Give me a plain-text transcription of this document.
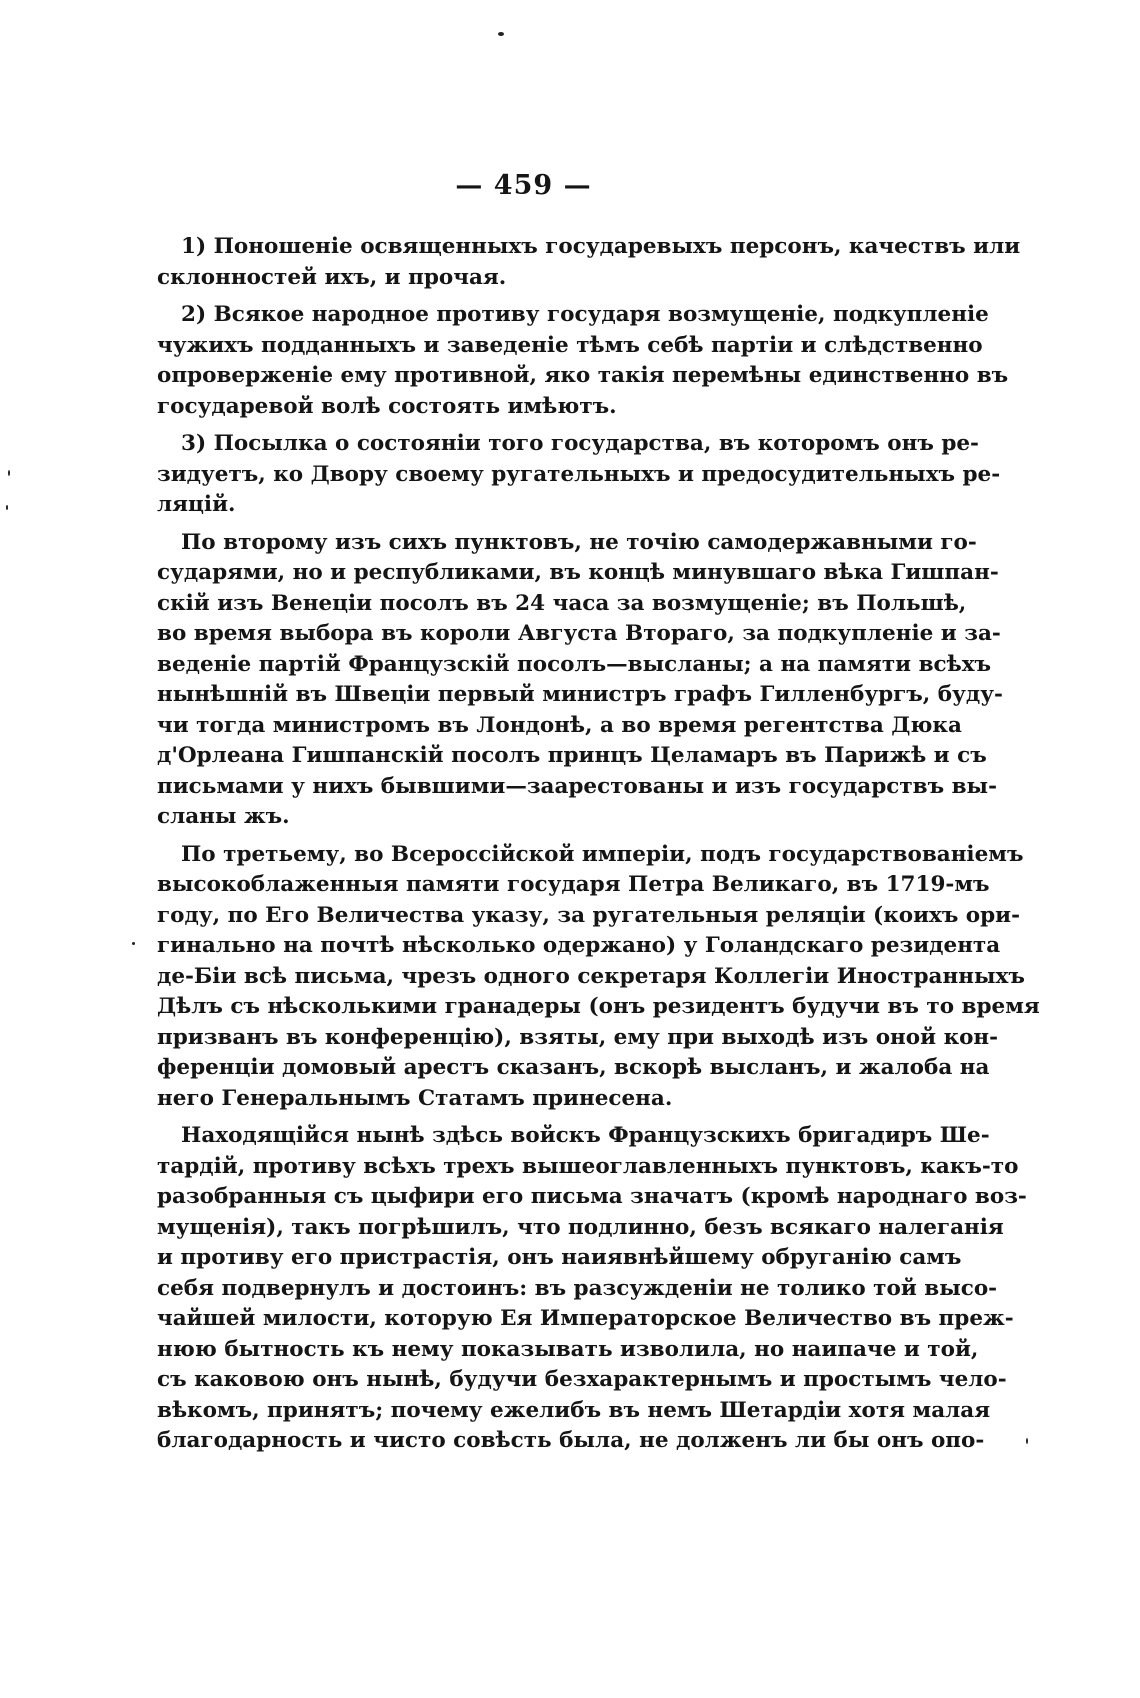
— 459 —
1) Поношеніе освященныхъ государевыхъ персонъ, качествъ или
склонностей ихъ, и прочая.
2) Всякое народное противу государя возмущеніе, подкупленіе
чужихъ подданныхъ и заведеніе тѣмъ себѣ партіи и слѣдственно
опроверженіе ему противной, яко такія перемѣны единственно въ
государевой волѣ состоять имѣютъ.
3) Посылка о состояніи того государства, въ которомъ онъ ре-
зидуетъ, ко Двору своему ругательныхъ и предосудительныхъ ре-
ляцій.
По второму изъ сихъ пунктовъ, не точію самодержавными го-
сударями, но и республиками, въ концѣ минувшаго вѣка Гишпан-
скій изъ Венеціи посолъ въ 24 часа за возмущеніе; въ Польшѣ,
во время выбора въ короли Августа Втораго, за подкупленіе и за-
веденіе партій Французскій посолъ—высланы; а на памяти всѣхъ
нынѣшній въ Швеціи первый министръ графъ Гилленбургъ, буду-
чи тогда министромъ въ Лондонѣ, а во время регентства Дюка
д'Орлеана Гишпанскій посолъ принцъ Целамаръ въ Парижѣ и съ
письмами у нихъ бывшими—заарестованы и изъ государствъ вы-
сланы жъ.
По третьему, во Всероссійской имперіи, подъ государствованіемъ
высокоблаженныя памяти государя Петра Великаго, въ 1719-мъ
году, по Его Величества указу, за ругательныя реляціи (коихъ ори-
гинально на почтѣ нѣсколько одержано) у Голандскаго резидента
де-Біи всѣ письма, чрезъ одного секретаря Коллегіи Иностранныхъ
Дѣлъ съ нѣсколькими гранадеры (онъ резидентъ будучи въ то время
призванъ въ конференцію), взяты, ему при выходѣ изъ оной кон-
ференціи домовый арестъ сказанъ, вскорѣ высланъ, и жалоба на
него Генеральнымъ Статамъ принесена.
Находящійся нынѣ здѣсь войскъ Французскихъ бригадиръ Ше-
тардій, противу всѣхъ трехъ вышеоглавленныхъ пунктовъ, какъ-то
разобранныя съ цыфири его письма значатъ (кромѣ народнаго воз-
мущенія), такъ погрѣшилъ, что подлинно, безъ всякаго налеганія
и противу его пристрастія, онъ наиявнѣйшему обруганію самъ
себя подвернулъ и достоинъ: въ разсужденіи не толико той высо-
чайшей милости, которую Ея Императорское Величество въ преж-
нюю бытность къ нему показывать изволила, но наипаче и той,
съ каковою онъ нынѣ, будучи безхарактернымъ и простымъ чело-
вѣкомъ, принятъ; почему ежелибъ въ немъ Шетардіи хотя малая
благодарность и чисто совѣсть была, не долженъ ли бы онъ опо-
